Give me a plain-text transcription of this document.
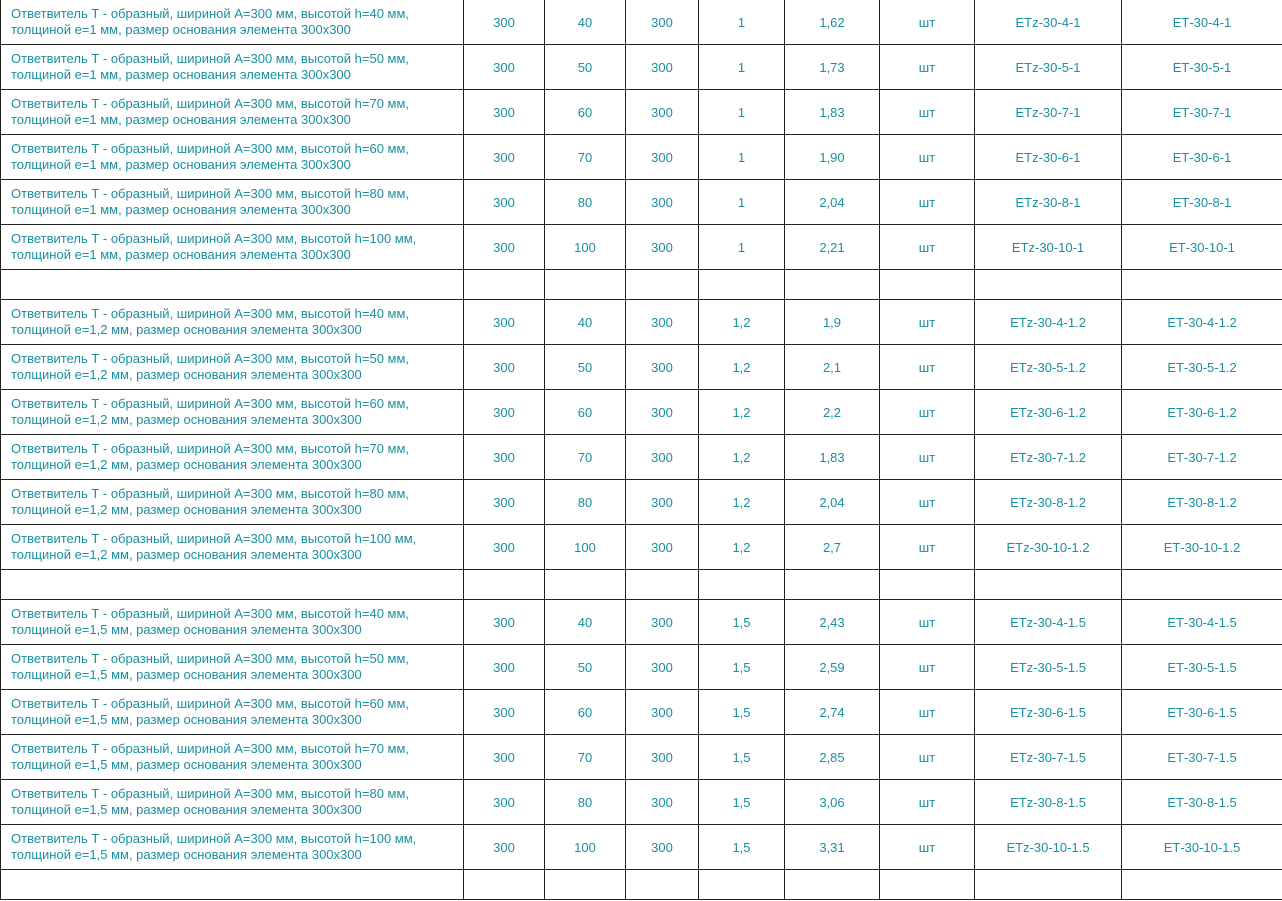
Ответвитель Т - образный, шириной А=300 мм, высотой h=40 мм, толщиной е=1 мм, размер основания элемента 300х300	300	40	300	1	1,62	шт	ETz-30-4-1	ЕТ-30-4-1
Ответвитель Т - образный, шириной А=300 мм, высотой h=50 мм, толщиной е=1 мм, размер основания элемента 300х300	300	50	300	1	1,73	шт	ETz-30-5-1	ЕТ-30-5-1
Ответвитель Т - образный, шириной А=300 мм, высотой h=70 мм, толщиной е=1 мм, размер основания элемента 300х300	300	60	300	1	1,83	шт	ETz-30-7-1	ЕТ-30-7-1
Ответвитель Т - образный, шириной А=300 мм, высотой h=60 мм, толщиной е=1 мм, размер основания элемента 300х300	300	70	300	1	1,90	шт	ETz-30-6-1	ЕТ-30-6-1
Ответвитель Т - образный, шириной А=300 мм, высотой h=80 мм, толщиной е=1 мм, размер основания элемента 300х300	300	80	300	1	2,04	шт	ETz-30-8-1	ЕТ-30-8-1
Ответвитель Т - образный, шириной А=300 мм, высотой h=100 мм, толщиной е=1 мм, размер основания элемента 300х300	300	100	300	1	2,21	шт	ETz-30-10-1	ЕТ-30-10-1

Ответвитель Т - образный, шириной А=300 мм, высотой h=40 мм, толщиной е=1,2 мм, размер основания элемента 300х300	300	40	300	1,2	1,9	шт	ETz-30-4-1.2	ЕТ-30-4-1.2
Ответвитель Т - образный, шириной А=300 мм, высотой h=50 мм, толщиной е=1,2 мм, размер основания элемента 300х300	300	50	300	1,2	2,1	шт	ETz-30-5-1.2	ЕТ-30-5-1.2
Ответвитель Т - образный, шириной А=300 мм, высотой h=60 мм, толщиной е=1,2 мм, размер основания элемента 300х300	300	60	300	1,2	2,2	шт	ETz-30-6-1.2	ЕТ-30-6-1.2
Ответвитель Т - образный, шириной А=300 мм, высотой h=70 мм, толщиной е=1,2 мм, размер основания элемента 300х300	300	70	300	1,2	1,83	шт	ETz-30-7-1.2	ЕТ-30-7-1.2
Ответвитель Т - образный, шириной А=300 мм, высотой h=80 мм, толщиной е=1,2 мм, размер основания элемента 300х300	300	80	300	1,2	2,04	шт	ETz-30-8-1.2	ЕТ-30-8-1.2
Ответвитель Т - образный, шириной А=300 мм, высотой h=100 мм, толщиной е=1,2 мм, размер основания элемента 300х300	300	100	300	1,2	2,7	шт	ETz-30-10-1.2	ЕТ-30-10-1.2

Ответвитель Т - образный, шириной А=300 мм, высотой h=40 мм, толщиной е=1,5 мм, размер основания элемента 300х300	300	40	300	1,5	2,43	шт	ETz-30-4-1.5	ЕТ-30-4-1.5
Ответвитель Т - образный, шириной А=300 мм, высотой h=50 мм, толщиной е=1,5 мм, размер основания элемента 300х300	300	50	300	1,5	2,59	шт	ETz-30-5-1.5	ЕТ-30-5-1.5
Ответвитель Т - образный, шириной А=300 мм, высотой h=60 мм, толщиной е=1,5 мм, размер основания элемента 300х300	300	60	300	1,5	2,74	шт	ETz-30-6-1.5	ЕТ-30-6-1.5
Ответвитель Т - образный, шириной А=300 мм, высотой h=70 мм, толщиной е=1,5 мм, размер основания элемента 300х300	300	70	300	1,5	2,85	шт	ETz-30-7-1.5	ЕТ-30-7-1.5
Ответвитель Т - образный, шириной А=300 мм, высотой h=80 мм, толщиной е=1,5 мм, размер основания элемента 300х300	300	80	300	1,5	3,06	шт	ETz-30-8-1.5	ЕТ-30-8-1.5
Ответвитель Т - образный, шириной А=300 мм, высотой h=100 мм, толщиной е=1,5 мм, размер основания элемента 300х300	300	100	300	1,5	3,31	шт	ETz-30-10-1.5	ЕТ-30-10-1.5
